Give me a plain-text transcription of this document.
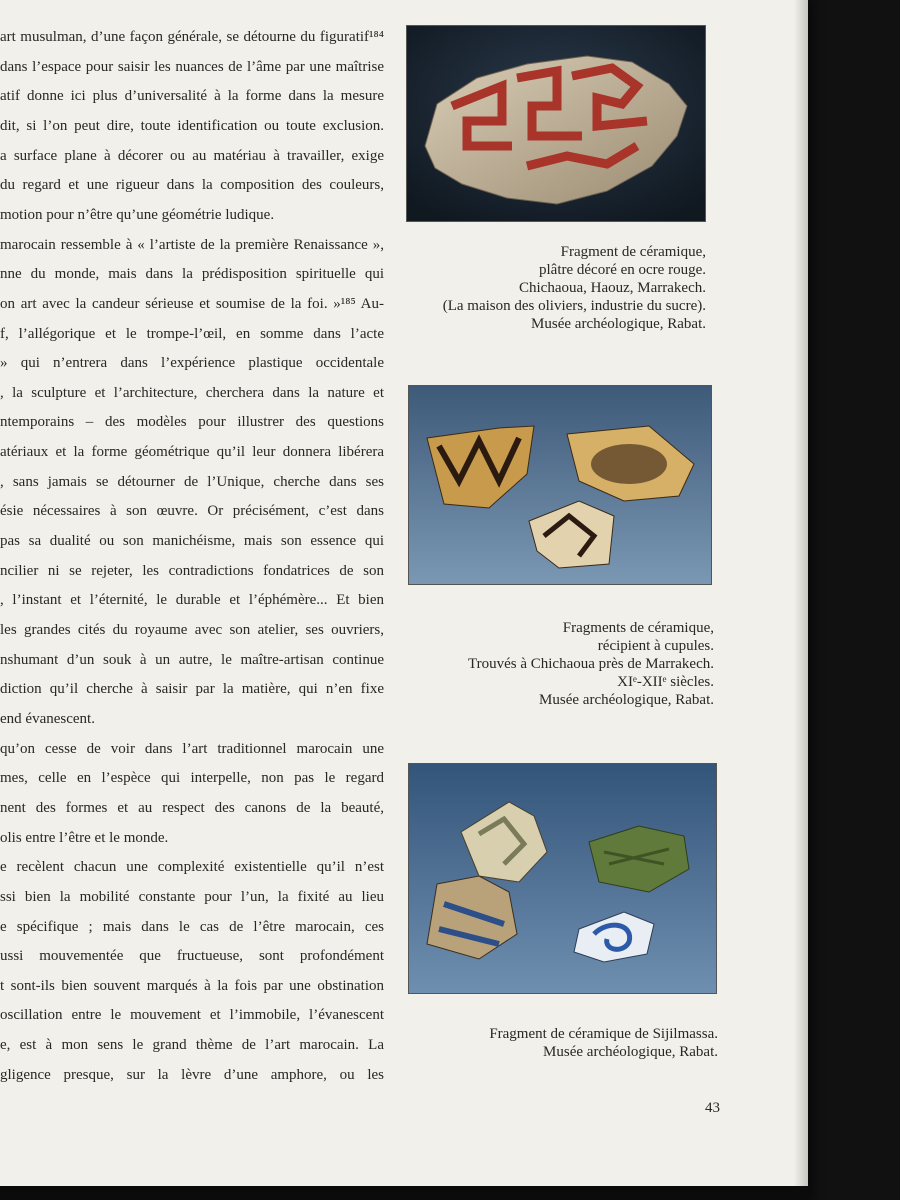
art musulman, d’une façon générale, se détourne du figuratif¹⁸⁴
dans l’espace pour saisir les nuances de l’âme par une maîtrise
atif donne ici plus d’universalité à la forme dans la mesure
dit, si l’on peut dire, toute identification ou toute exclusion.
a surface plane à décorer ou au matériau à travailler, exige
du regard et une rigueur dans la composition des couleurs,
motion pour n’être qu’une géométrie ludique.
marocain ressemble à « l’artiste de la première Renaissance »,
nne du monde, mais dans la prédisposition spirituelle qui
on art avec la candeur sérieuse et soumise de la foi. »¹⁸⁵ Au-
f, l’allégorique et le trompe-l’œil, en somme dans l’acte
» qui n’entrera dans l’expérience plastique occidentale
, la sculpture et l’architecture, cherchera dans la nature et
ntemporains – des modèles pour illustrer des questions
atériaux et la forme géométrique qu’il leur donnera libérera
, sans jamais se détourner de l’Unique, cherche dans ses
ésie nécessaires à son œuvre. Or précisément, c’est dans
pas sa dualité ou son manichéisme, mais son essence qui
ncilier ni se rejeter, les contradictions fondatrices de son
, l’instant et l’éternité, le durable et l’éphémère... Et bien
les grandes cités du royaume avec son atelier, ses ouvriers,
nshumant d’un souk à un autre, le maître-artisan continue
diction qu’il cherche à saisir par la matière, qui n’en fixe
end évanescent.
qu’on cesse de voir dans l’art traditionnel marocain une
mes, celle en l’espèce qui interpelle, non pas le regard
nent des formes et au respect des canons de la beauté,
olis entre l’être et le monde.
e recèlent chacun une complexité existentielle qu’il n’est
ssi bien la mobilité constante pour l’un, la fixité au lieu
e spécifique ; mais dans le cas de l’être marocain, ces
ussi mouvementée que fructueuse, sont profondément
t sont-ils bien souvent marqués à la fois par une obstination
oscillation entre le mouvement et l’immobile, l’évanescent
e, est à mon sens le grand thème de l’art marocain. La
gligence presque, sur la lèvre d’une amphore, ou les
Fragment de céramique,
plâtre décoré en ocre rouge.
Chichaoua, Haouz, Marrakech.
(La maison des oliviers, industrie du sucre).
Musée archéologique, Rabat.
Fragments de céramique,
récipient à cupules.
Trouvés à Chichaoua près de Marrakech.
XIᵉ-XIIᵉ siècles.
Musée archéologique, Rabat.
Fragment de céramique de Sijilmassa.
Musée archéologique, Rabat.
43
